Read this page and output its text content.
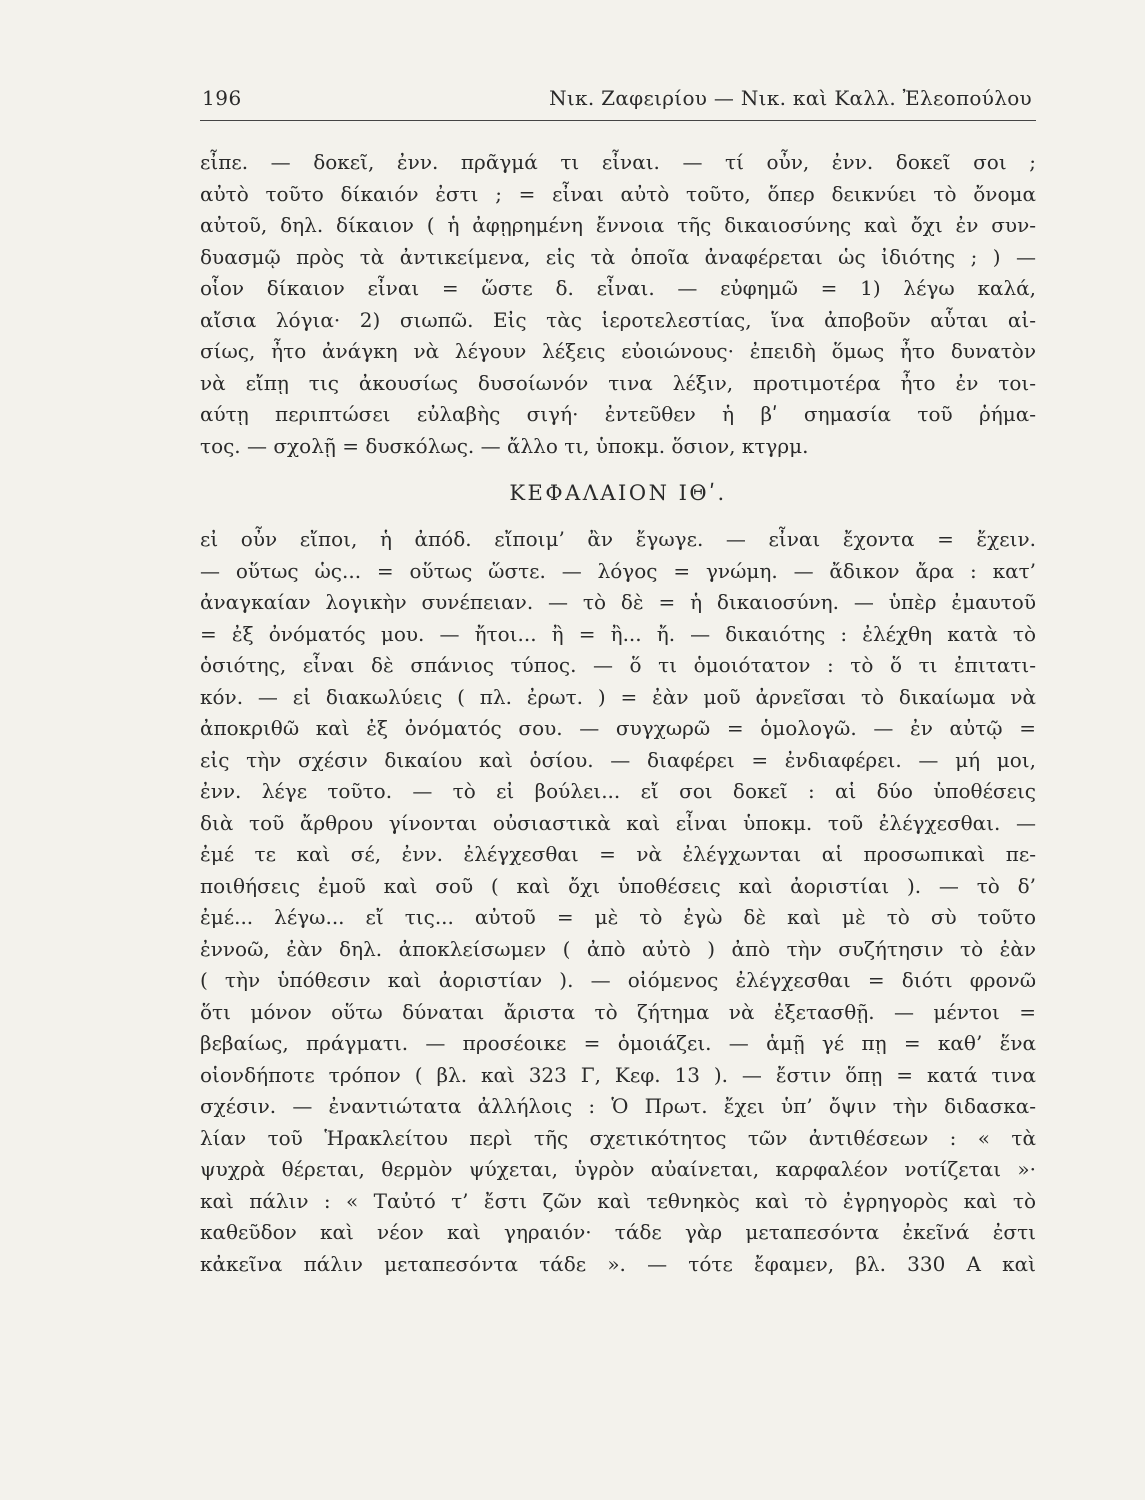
196	Νικ. Ζαφειρίου — Νικ. καὶ Καλλ. Ἐλεοπούλου
εἶπε. — δοκεῖ, ἐνν. πρᾶγμά τι εἶναι. — τί οὖν, ἐνν. δοκεῖ σοι ;
αὐτὸ τοῦτο δίκαιόν ἐστι ; = εἶναι αὐτὸ τοῦτο, ὅπερ δεικνύει τὸ ὄνομα
αὐτοῦ, δηλ. δίκαιον ( ἡ ἀφῃρημένη ἔννοια τῆς δικαιοσύνης καὶ ὄχι ἐν συν-
δυασμῷ πρὸς τὰ ἀντικείμενα, εἰς τὰ ὁποῖα ἀναφέρεται ὡς ἰδιότης ; ) —
οἷον δίκαιον εἶναι = ὥστε δ. εἶναι. — εὐφημῶ = 1) λέγω καλά,
αἴσια λόγια· 2) σιωπῶ. Εἰς τὰς ἱεροτελεστίας, ἵνα ἀποβοῦν αὗται αἰ-
σίως, ἦτο ἀνάγκη νὰ λέγουν λέξεις εὐοιώνους· ἐπειδὴ ὅμως ἦτο δυνατὸν
νὰ εἴπῃ τις ἀκουσίως δυσοίωνόν τινα λέξιν, προτιμοτέρα ἦτο ἐν τοι-
αύτῃ περιπτώσει εὐλαβὴς σιγή· ἐντεῦθεν ἡ βʹ σημασία τοῦ ῥήμα-
τος. — σχολῇ = δυσκόλως. — ἄλλο τι, ὑποκμ. ὅσιον, κτγρμ.
ΚΕΦΑΛΑΙΟΝ ΙΘʹ.
εἰ οὖν εἴποι, ἡ ἀπόδ. εἴποιμ’ ἂν ἔγωγε. — εἶναι ἔχοντα = ἔχειν.
— οὕτως ὡς... = οὕτως ὥστε. — λόγος = γνώμη. — ἄδικον ἄρα : κατ’
ἀναγκαίαν λογικὴν συνέπειαν. — τὸ δὲ = ἡ δικαιοσύνη. — ὑπὲρ ἐμαυτοῦ
= ἐξ ὀνόματός μου. — ἤτοι... ἢ = ἢ... ἤ. — δικαιότης : ἐλέχθη κατὰ τὸ
ὁσιότης, εἶναι δὲ σπάνιος τύπος. — ὅ τι ὁμοιότατον : τὸ ὅ τι ἐπιτατι-
κόν. — εἰ διακωλύεις ( πλ. ἐρωτ. ) = ἐὰν μοῦ ἀρνεῖσαι τὸ δικαίωμα νὰ
ἀποκριθῶ καὶ ἐξ ὀνόματός σου. — συγχωρῶ = ὁμολογῶ. — ἐν αὐτῷ =
εἰς τὴν σχέσιν δικαίου καὶ ὁσίου. — διαφέρει = ἐνδιαφέρει. — μή μοι,
ἐνν. λέγε τοῦτο. — τὸ εἰ βούλει... εἴ σοι δοκεῖ : αἱ δύο ὑποθέσεις
διὰ τοῦ ἄρθρου γίνονται οὐσιαστικὰ καὶ εἶναι ὑποκμ. τοῦ ἐλέγχεσθαι. —
ἐμέ τε καὶ σέ, ἐνν. ἐλέγχεσθαι = νὰ ἐλέγχωνται αἱ προσωπικαὶ πε-
ποιθήσεις ἐμοῦ καὶ σοῦ ( καὶ ὄχι ὑποθέσεις καὶ ἀοριστίαι ). — τὸ δ’
ἐμέ... λέγω... εἴ τις... αὐτοῦ = μὲ τὸ ἐγὼ δὲ καὶ μὲ τὸ σὺ τοῦτο
ἐννοῶ, ἐὰν δηλ. ἀποκλείσωμεν ( ἀπὸ αὐτὸ ) ἀπὸ τὴν συζήτησιν τὸ ἐὰν
( τὴν ὑπόθεσιν καὶ ἀοριστίαν ). — οἰόμενος ἐλέγχεσθαι = διότι φρονῶ
ὅτι μόνον οὕτω δύναται ἄριστα τὸ ζήτημα νὰ ἐξετασθῇ. — μέντοι =
βεβαίως, πράγματι. — προσέοικε = ὁμοιάζει. — ἁμῇ γέ πῃ = καθ’ ἕνα
οἱονδήποτε τρόπον ( βλ. καὶ 323 Γ, Κεφ. 13 ). — ἔστιν ὅπῃ = κατά τινα
σχέσιν. — ἐναντιώτατα ἀλλήλοις : Ὁ Πρωτ. ἔχει ὑπ’ ὄψιν τὴν διδασκα-
λίαν τοῦ Ἡρακλείτου περὶ τῆς σχετικότητος τῶν ἀντιθέσεων : « τὰ
ψυχρὰ θέρεται, θερμὸν ψύχεται, ὑγρὸν αὐαίνεται, καρφαλέον νοτίζεται »·
καὶ πάλιν : « Ταὐτό τ’ ἔστι ζῶν καὶ τεθνηκὸς καὶ τὸ ἐγρηγορὸς καὶ τὸ
καθεῦδον καὶ νέον καὶ γηραιόν· τάδε γὰρ μεταπεσόντα ἐκεῖνά ἐστι
κἀκεῖνα πάλιν μεταπεσόντα τάδε ». — τότε ἔφαμεν, βλ. 330 Α καὶ
